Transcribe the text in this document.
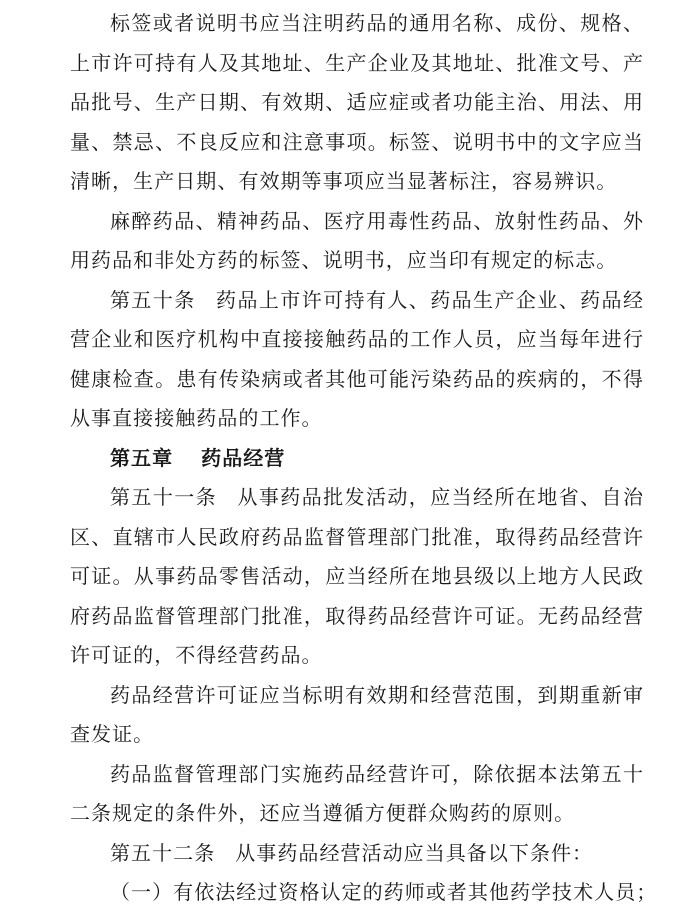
标签或者说明书应当注明药品的通用名称、成份、规格、上市许可持有人及其地址、生产企业及其地址、批准文号、产品批号、生产日期、有效期、适应症或者功能主治、用法、用量、禁忌、不良反应和注意事项。标签、说明书中的文字应当清晰，生产日期、有效期等事项应当显著标注，容易辨识。

麻醉药品、精神药品、医疗用毒性药品、放射性药品、外用药品和非处方药的标签、说明书，应当印有规定的标志。

第五十条 药品上市许可持有人、药品生产企业、药品经营企业和医疗机构中直接接触药品的工作人员，应当每年进行健康检查。患有传染病或者其他可能污染药品的疾病的，不得从事直接接触药品的工作。

第五章 药品经营

第五十一条 从事药品批发活动，应当经所在地省、自治区、直辖市人民政府药品监督管理部门批准，取得药品经营许可证。从事药品零售活动，应当经所在地县级以上地方人民政府药品监督管理部门批准，取得药品经营许可证。无药品经营许可证的，不得经营药品。

药品经营许可证应当标明有效期和经营范围，到期重新审查发证。

药品监督管理部门实施药品经营许可，除依据本法第五十二条规定的条件外，还应当遵循方便群众购药的原则。

第五十二条 从事药品经营活动应当具备以下条件：

（一）有依法经过资格认定的药师或者其他药学技术人员；
